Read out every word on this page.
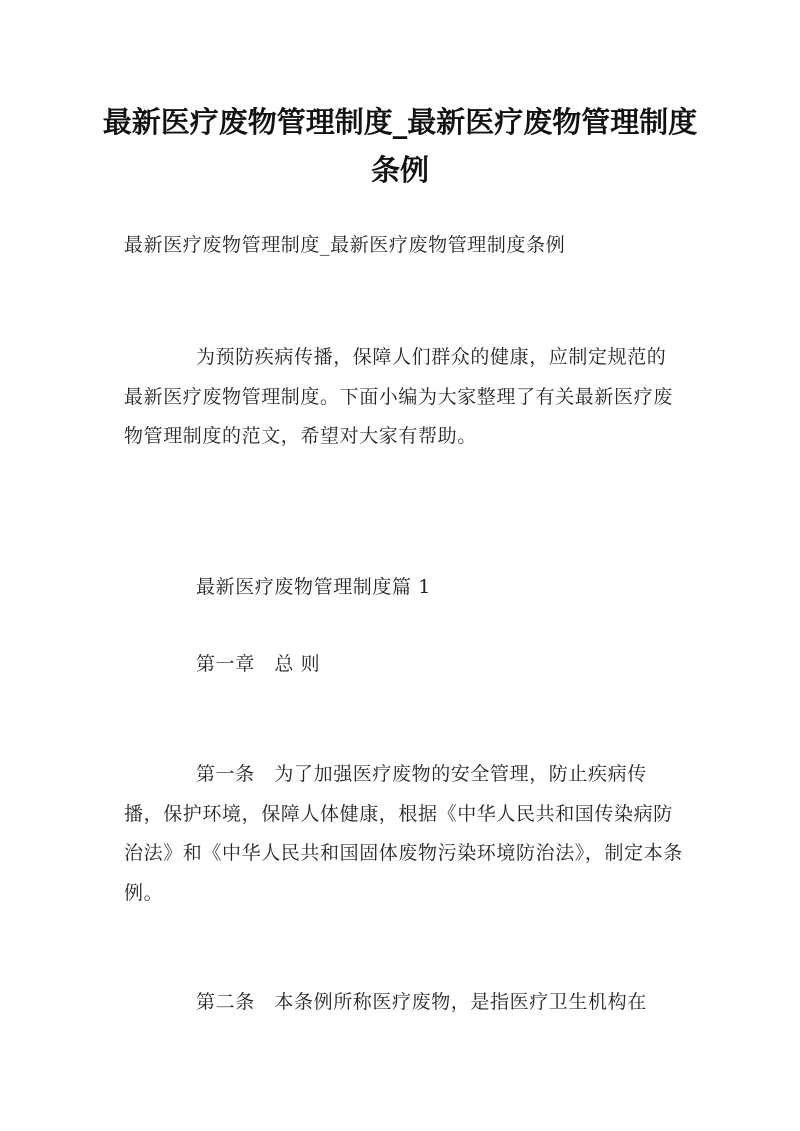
最新医疗废物管理制度_最新医疗废物管理制度条例

最新医疗废物管理制度_最新医疗废物管理制度条例

为预防疾病传播，保障人们群众的健康，应制定规范的最新医疗废物管理制度。下面小编为大家整理了有关最新医疗废物管理制度的范文，希望对大家有帮助。

最新医疗废物管理制度篇 1

第一章　总 则

第一条　为了加强医疗废物的安全管理，防止疾病传播，保护环境，保障人体健康，根据《中华人民共和国传染病防治法》和《中华人民共和国固体废物污染环境防治法》，制定本条例。

第二条　本条例所称医疗废物，是指医疗卫生机构在
